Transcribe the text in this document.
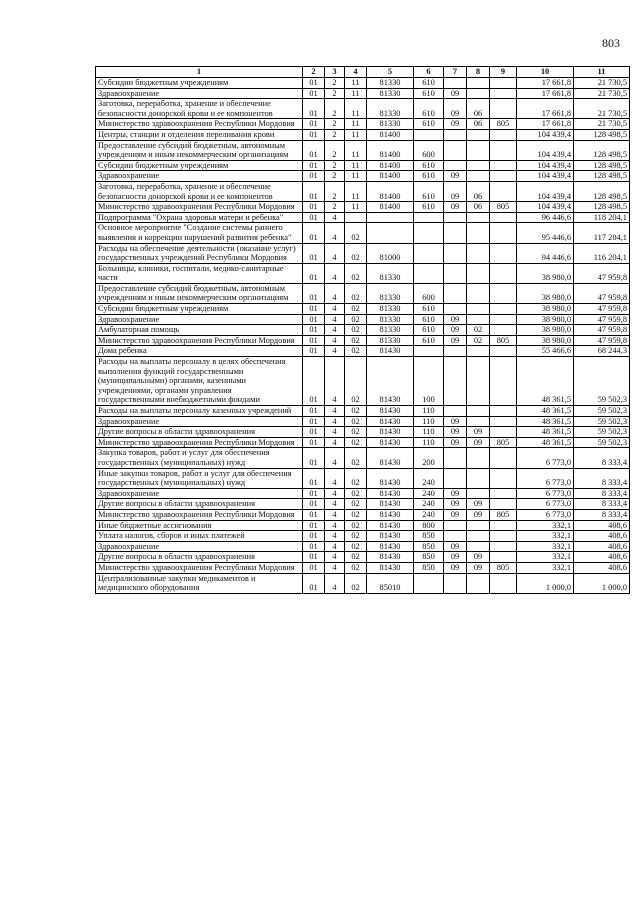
803
1	2	3	4	5	6	7	8	9	10	11
Субсидии бюджетным учреждениям	01	2	11	81330	610				17 661,8	21 730,5
Здравоохранение	01	2	11	81330	610	09			17 661,8	21 730,5
Заготовка, переработка, хранение и обеспечение безопасности донорской крови и ее компонентов	01	2	11	81330	610	09	06		17 661,8	21 730,5
Министерство здравоохранения Республики Мордовия	01	2	11	81330	610	09	06	805	17 661,8	21 730,5
Центры, станции и отделения переливания крови	01	2	11	81400					104 439,4	128 498,5
Предоставление субсидий бюджетным, автономным учреждениям и иным некоммерческим организациям	01	2	11	81400	600				104 439,4	128 498,5
Субсидии бюджетным учреждениям	01	2	11	81400	610				104 439,4	128 498,5
Здравоохранение	01	2	11	81400	610	09			104 439,4	128 498,5
Заготовка, переработка, хранение и обеспечение безопасности донорской крови и ее компонентов	01	2	11	81400	610	09	06		104 439,4	128 498,5
Министерство здравоохранения Республики Мордовия	01	2	11	81400	610	09	06	805	104 439,4	128 498,5
Подпрограмма "Охрана здоровья матери и ребенка"	01	4							96 446,6	118 204,1
Основное мероприятие "Создание системы раннего выявления и коррекции нарушений развития ребенка"	01	4	02						95 446,6	117 204,1
Расходы на обеспечение деятельности (оказание услуг) государственных учреждений Республики Мордовия	01	4	02	81000					94 446,6	116 204,1
Больницы, клиники, госпитали, медико-санитарные части	01	4	02	81330					38 980,0	47 959,8
Предоставление субсидий бюджетным, автономным учреждениям и иным некоммерческим организациям	01	4	02	81330	600				38 980,0	47 959,8
Субсидии бюджетным учреждениям	01	4	02	81330	610				38 980,0	47 959,8
Здравоохранение	01	4	02	81330	610	09			38 980,0	47 959,8
Амбулаторная помощь	01	4	02	81330	610	09	02		38 980,0	47 959,8
Министерство здравоохранения Республики Мордовия	01	4	02	81330	610	09	02	805	38 980,0	47 959,8
Дома ребенка	01	4	02	81430					55 466,6	68 244,3
Расходы на выплаты персоналу в целях обеспечения выполнения функций государственными (муниципальными) органами, казенными учреждениями, органами управления государственными внебюджетными фондами	01	4	02	81430	100				48 361,5	59 502,3
Расходы на выплаты персоналу казенных учреждений	01	4	02	81430	110				48 361,5	59 502,3
Здравоохранение	01	4	02	81430	110	09			48 361,5	59 502,3
Другие вопросы в области здравоохранения	01	4	02	81430	110	09	09		48 361,5	59 502,3
Министерство здравоохранения Республики Мордовия	01	4	02	81430	110	09	09	805	48 361,5	59 502,3
Закупка товаров, работ и услуг для обеспечения государственных (муниципальных) нужд	01	4	02	81430	200				6 773,0	8 333,4
Иные закупки товаров, работ и услуг для обеспечения государственных (муниципальных) нужд	01	4	02	81430	240				6 773,0	8 333,4
Здравоохранение	01	4	02	81430	240	09			6 773,0	8 333,4
Другие вопросы в области здравоохранения	01	4	02	81430	240	09	09		6 773,0	8 333,4
Министерство здравоохранения Республики Мордовия	01	4	02	81430	240	09	09	805	6 773,0	8 333,4
Иные бюджетные ассигнования	01	4	02	81430	800				332,1	408,6
Уплата налогов, сборов и иных платежей	01	4	02	81430	850				332,1	408,6
Здравоохранение	01	4	02	81430	850	09			332,1	408,6
Другие вопросы в области здравоохранения	01	4	02	81430	850	09	09		332,1	408,6
Министерство здравоохранения Республики Мордовия	01	4	02	81430	850	09	09	805	332,1	408,6
Централизованные закупки медикаментов и медицинского оборудования	01	4	02	85010					1 000,0	1 000,0
